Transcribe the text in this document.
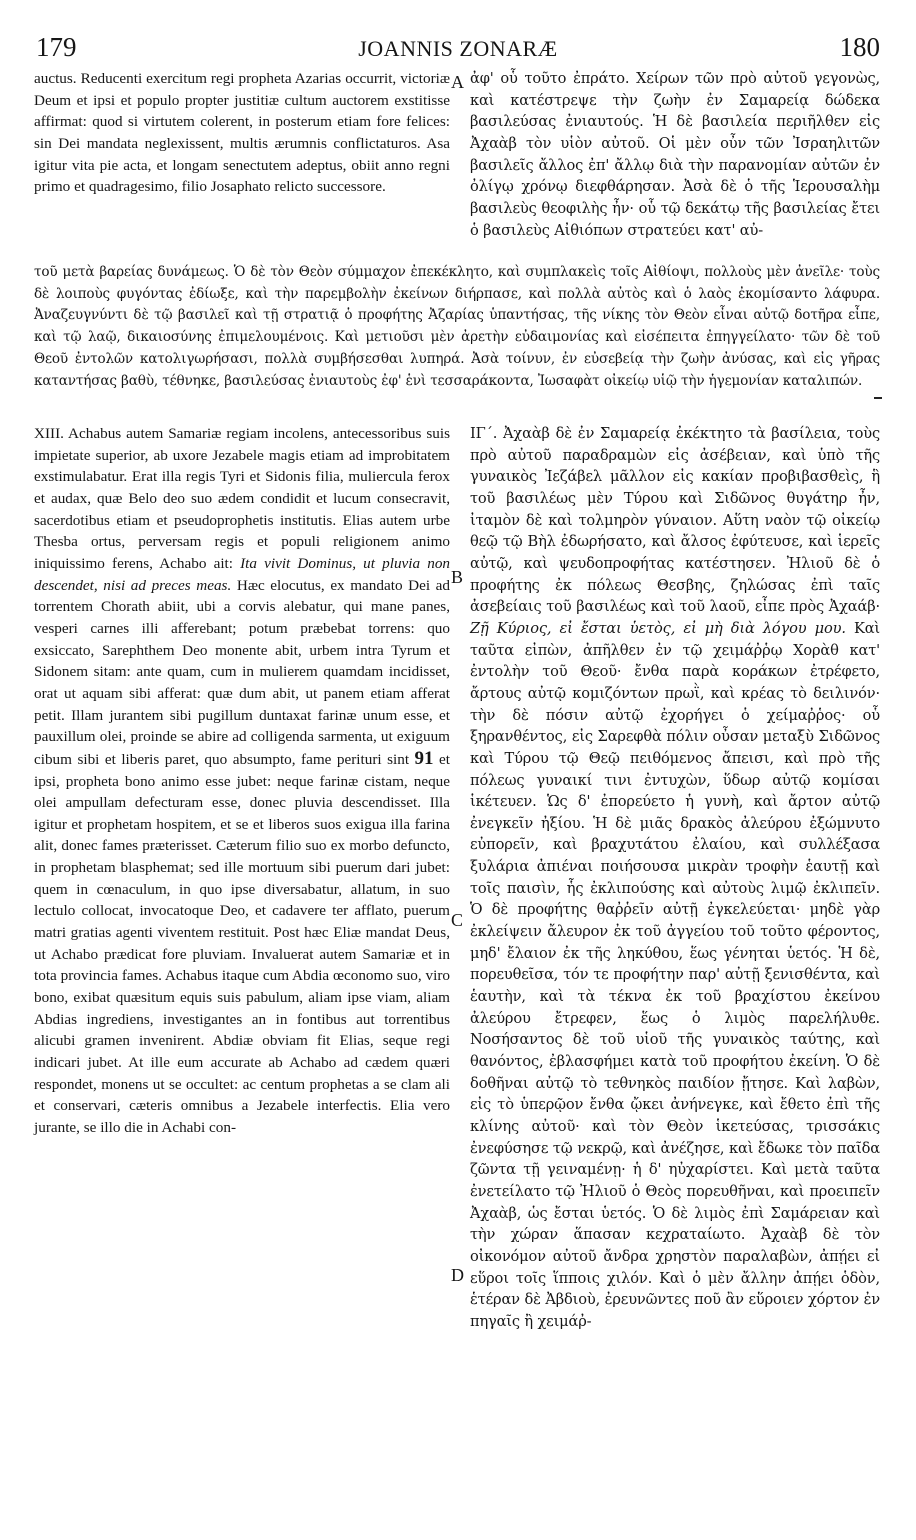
179	JOANNIS ZONARÆ	180
auctus. Reducenti exercitum regi propheta Azarias occurrit, victoriæ Deum et ipsi et populo propter justitiæ cultum auctorem exstitisse affirmat: quod si virtutem colerent, in posterum etiam fore felices: sin Dei mandata neglexissent, multis ærumnis conflictaturos. Asa igitur vita pie acta, et longam senectutem adeptus, obiit anno regni primo et quadragesimo, filio Josaphato relicto successore.
A ἀφ' οὗ τοῦτο ἐπράτο. Χείρων τῶν πρὸ αὐτοῦ γεγονὼς, καὶ κατέστρεψε τὴν ζωὴν ἐν Σαμαρείᾳ δώδεκα βασιλεύσας ἐνιαυτούς. Ἡ δὲ βασιλεία περιῆλθεν εἰς Ἀχαὰβ τὸν υἱὸν αὐτοῦ. Οἱ μὲν οὖν τῶν Ἰσραηλιτῶν βασιλεῖς ἄλλος ἐπ' ἄλλῳ διὰ τὴν παρανομίαν αὐτῶν ἐν ὀλίγῳ χρόνῳ διεφθάρησαν. Ἀσὰ δὲ ὁ τῆς Ἱερουσαλὴμ βασιλεὺς θεοφιλὴς ἦν· οὗ τῷ δεκάτῳ τῆς βασιλείας ἔτει ὁ βασιλεὺς Αἰθιόπων στρατεύει κατ' αὐ-
τοῦ μετὰ βαρείας δυνάμεως. Ὁ δὲ τὸν Θεὸν σύμμαχον ἐπεκέκλητο, καὶ συμπλακεὶς τοῖς Αἰθίοψι, πολλοὺς μὲν ἀνεῖλε· τοὺς δὲ λοιποὺς φυγόντας ἐδίωξε, καὶ τὴν παρεμβολὴν ἐκείνων διήρπασε, καὶ πολλὰ αὐτὸς καὶ ὁ λαὸς ἐκομίσαντο λάφυρα. Ἀναζευγνύντι δὲ τῷ βασιλεῖ καὶ τῇ στρατιᾷ ὁ προφήτης Ἀζαρίας ὑπαντήσας, τῆς νίκης τὸν Θεὸν εἶναι αὐτῷ δοτῆρα εἶπε, καὶ τῷ λαῷ, δικαιοσύνης ἐπιμελουμένοις. Καὶ μετιοῦσι μὲν ἀρετὴν εὐδαιμονίας καὶ εἰσέπειτα ἐπηγγείλατο· τῶν δὲ τοῦ Θεοῦ ἐντολῶν κατολιγωρήσασι, πολλὰ συμβήσεσθαι λυπηρά. Ἀσὰ τοίνυν, ἐν εὐσεβείᾳ τὴν ζωὴν ἀνύσας, καὶ εἰς γῆρας καταντήσας βαθὺ, τέθνηκε, βασιλεύσας ἐνιαυτοὺς ἐφ' ἑνὶ τεσσαράκοντα, Ἰωσαφὰτ οἰκείῳ υἱῷ τὴν ἡγεμονίαν καταλιπών.
XIII. Achabus autem Samariæ regiam incolens, antecessoribus suis impietate superior, ab uxore Jezabele magis etiam ad improbitatem exstimulabatur. Erat illa regis Tyri et Sidonis filia, muliercula ferox et audax, quæ Belo deo suo ædem condidit et lucum consecravit, sacerdotibus etiam et pseudoprophetis institutis. Elias autem urbe Thesba ortus, perversam regis et populi religionem animo iniquissimo ferens, Achabo ait: Ita vivit Dominus, ut pluvia non descendet, nisi ad preces meas. Hæc elocutus, ex mandato Dei ad torrentem Chorath abiit, ubi a corvis alebatur, qui mane panes, vesperi carnes illi afferebant; potum præbebat torrens: quo exsiccato, Sarephthem Deo monente abit, urbem intra Tyrum et Sidonem sitam: ante quam, cum in mulierem quamdam incidisset, orat ut aquam sibi afferat: quæ dum abit, ut panem etiam afferat petit. Illam jurantem sibi pugillum duntaxat farinæ unum esse, et pauxillum olei, proinde se abire ad colligenda sarmenta, ut exiguum cibum sibi et liberis paret, quo absumpto, fame perituri sint 91 et ipsi, propheta bono animo esse jubet: neque farinæ cistam, neque olei ampullam defecturam esse, donec pluvia descendisset. Illa igitur et prophetam hospitem, et se et liberos suos exigua illa farina alit, donec fames præterisset. Cæterum filio suo ex morbo defuncto, in prophetam blasphemat; sed ille mortuum sibi puerum dari jubet: quem in cœnaculum, in quo ipse diversabatur, allatum, in suo lectulo collocat, invocatoque Deo, et cadavere ter afflato, puerum matri gratias agenti viventem restituit. Post hæc Eliæ mandat Deus, ut Achabo prædicat fore pluviam. Invaluerat autem Samariæ et in tota provincia fames. Achabus itaque cum Abdia œconomo suo, viro bono, exibat quæsitum equis suis pabulum, aliam ipse viam, aliam Abdias ingrediens, investigantes an in fontibus aut torrentibus alicubi gramen invenirent. Abdiæ obviam fit Elias, seque regi indicari jubet. At ille eum accurate ab Achabo ad cædem quæri respondet, monens ut se occultet: ac centum prophetas a se clam ali et conservari, cæteris omnibus a Jezabele interfectis. Elia vero jurante, se illo die in Achabi con-
B
C
D
ΙΓ΄. Ἀχαὰβ δὲ ἐν Σαμαρείᾳ ἐκέκτητο τὰ βασίλεια, τοὺς πρὸ αὐτοῦ παραδραμὼν εἰς ἀσέβειαν, καὶ ὑπὸ τῆς γυναικὸς Ἰεζάβελ μᾶλλον εἰς κακίαν προβιβασθεὶς, ἣ τοῦ βασιλέως μὲν Τύρου καὶ Σιδῶνος θυγάτηρ ἦν, ἰταμὸν δὲ καὶ τολμηρὸν γύναιον. Αὕτη ναὸν τῷ οἰκείῳ θεῷ τῷ Βὴλ ἐδωρήσατο, καὶ ἄλσος ἐφύτευσε, καὶ ἱερεῖς αὐτῷ, καὶ ψευδοπροφήτας κατέστησεν. Ἠλιοῦ δὲ ὁ προφήτης ἐκ πόλεως Θεσβης, ζηλώσας ἐπὶ ταῖς ἀσεβείαις τοῦ βασιλέως καὶ τοῦ λαοῦ, εἶπε πρὸς Ἀχαάβ· Ζῇ Κύριος, εἰ ἔσται ὑετὸς, εἰ μὴ διὰ λόγου μου. Καὶ ταῦτα εἰπὼν, ἀπῆλθεν ἐν τῷ χειμάῤῥῳ Χορὰθ κατ' ἐντολὴν τοῦ Θεοῦ· ἔνθα παρὰ κοράκων ἐτρέφετο, ἄρτους αὐτῷ κομιζόντων πρωῒ, καὶ κρέας τὸ δειλινόν· τὴν δὲ πόσιν αὐτῷ ἐχορήγει ὁ χείμαῤῥος· οὗ ξηρανθέντος, εἰς Σαρεφθὰ πόλιν οὖσαν μεταξὺ Σιδῶνος καὶ Τύρου τῷ Θεῷ πειθόμενος ἄπεισι, καὶ πρὸ τῆς πόλεως γυναικί τινι ἐντυχὼν, ὕδωρ αὐτῷ κομίσαι ἱκέτευεν. Ὡς δ' ἐπορεύετο ἡ γυνὴ, καὶ ἄρτον αὐτῷ ἐνεγκεῖν ἠξίου. Ἡ δὲ μιᾶς δρακὸς ἀλεύρου ἐξώμνυτο εὐπορεῖν, καὶ βραχυτάτου ἐλαίου, καὶ συλλέξασα ξυλάρια ἀπιέναι ποιήσουσα μικρὰν τροφὴν ἑαυτῇ καὶ τοῖς παισὶν, ἧς ἐκλιπούσης καὶ αὐτοὺς λιμῷ ἐκλιπεῖν. Ὁ δὲ προφήτης θαῤῥεῖν αὐτῇ ἐγκελεύεται· μηδὲ γὰρ ἐκλείψειν ἄλευρον ἐκ τοῦ ἀγγείου τοῦ τοῦτο φέροντος, μηδ' ἔλαιον ἐκ τῆς ληκύθου, ἕως γένηται ὑετός. Ἡ δὲ, πορευθεῖσα, τόν τε προφήτην παρ' αὐτῇ ξενισθέντα, καὶ ἑαυτὴν, καὶ τὰ τέκνα ἐκ τοῦ βραχίστου ἐκείνου ἀλεύρου ἔτρεφεν, ἕως ὁ λιμὸς παρελήλυθε. Νοσήσαντος δὲ τοῦ υἱοῦ τῆς γυναικὸς ταύτης, καὶ θανόντος, ἐβλασφήμει κατὰ τοῦ προφήτου ἐκείνη. Ὁ δὲ δοθῆναι αὐτῷ τὸ τεθνηκὸς παιδίον ᾔτησε. Καὶ λαβὼν, εἰς τὸ ὑπερῷον ἔνθα ᾤκει ἀνήνεγκε, καὶ ἔθετο ἐπὶ τῆς κλίνης αὐτοῦ· καὶ τὸν Θεὸν ἱκετεύσας, τρισσάκις ἐνεφύσησε τῷ νεκρῷ, καὶ ἀνέζησε, καὶ ἔδωκε τὸν παῖδα ζῶντα τῇ γειναμένῃ· ἡ δ' ηὐχαρίστει. Καὶ μετὰ ταῦτα ἐνετείλατο τῷ Ἠλιοῦ ὁ Θεὸς πορευθῆναι, καὶ προειπεῖν Ἀχαὰβ, ὡς ἔσται ὑετός. Ὁ δὲ λιμὸς ἐπὶ Σαμάρειαν καὶ τὴν χώραν ἅπασαν κεχραταίωτο. Ἀχαὰβ δὲ τὸν οἰκονόμον αὐτοῦ ἄνδρα χρηστὸν παραλαβὼν, ἀπῄει εἰ εὕροι τοῖς ἵπποις χιλόν. Καὶ ὁ μὲν ἄλλην ἀπῄει ὁδὸν, ἑτέραν δὲ Ἀβδιοὺ, ἐρευνῶντες ποῦ ἂν εὕροιεν χόρτον ἐν πηγαῖς ἢ χειμάῤ-
